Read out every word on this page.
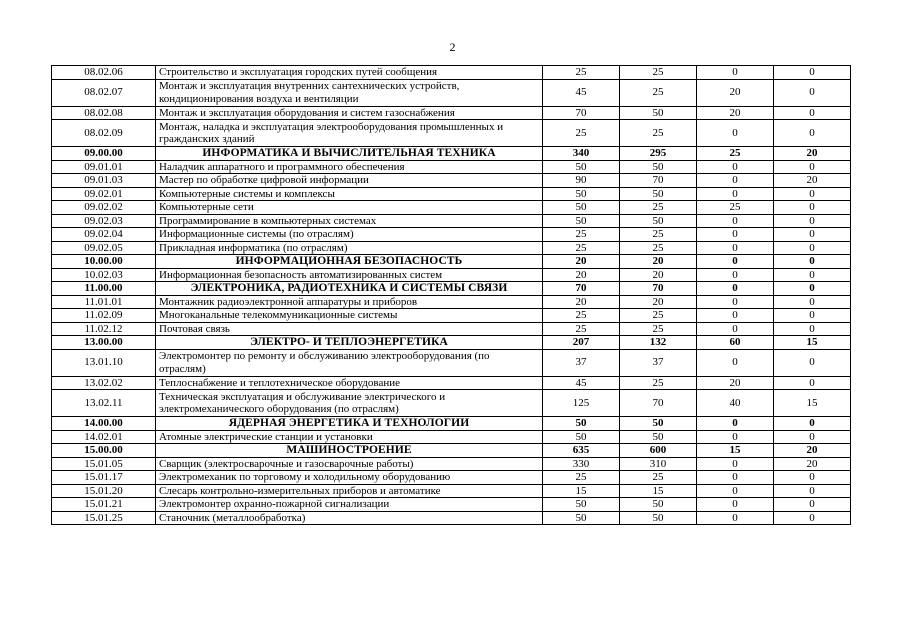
2
08.02.06	Строительство и эксплуатация городских путей сообщения	25	25	0	0
08.02.07	Монтаж и эксплуатация внутренних сантехнических устройств, кондиционирования воздуха и вентиляции	45	25	20	0
08.02.08	Монтаж и эксплуатация оборудования и систем газоснабжения	70	50	20	0
08.02.09	Монтаж, наладка и эксплуатация электрооборудования промышленных и гражданских зданий	25	25	0	0
09.00.00	ИНФОРМАТИКА И ВЫЧИСЛИТЕЛЬНАЯ ТЕХНИКА	340	295	25	20
09.01.01	Наладчик аппаратного и программного обеспечения	50	50	0	0
09.01.03	Мастер по обработке цифровой информации	90	70	0	20
09.02.01	Компьютерные системы и комплексы	50	50	0	0
09.02.02	Компьютерные сети	50	25	25	0
09.02.03	Программирование в компьютерных системах	50	50	0	0
09.02.04	Информационные системы (по отраслям)	25	25	0	0
09.02.05	Прикладная информатика (по отраслям)	25	25	0	0
10.00.00	ИНФОРМАЦИОННАЯ БЕЗОПАСНОСТЬ	20	20	0	0
10.02.03	Информационная безопасность автоматизированных систем	20	20	0	0
11.00.00	ЭЛЕКТРОНИКА, РАДИОТЕХНИКА И СИСТЕМЫ СВЯЗИ	70	70	0	0
11.01.01	Монтажник радиоэлектронной аппаратуры и приборов	20	20	0	0
11.02.09	Многоканальные телекоммуникационные системы	25	25	0	0
11.02.12	Почтовая связь	25	25	0	0
13.00.00	ЭЛЕКТРО- И ТЕПЛОЭНЕРГЕТИКА	207	132	60	15
13.01.10	Электромонтер по ремонту и обслуживанию электрооборудования (по отраслям)	37	37	0	0
13.02.02	Теплоснабжение и теплотехническое оборудование	45	25	20	0
13.02.11	Техническая эксплуатация и обслуживание электрического и электромеханического оборудования (по отраслям)	125	70	40	15
14.00.00	ЯДЕРНАЯ ЭНЕРГЕТИКА И ТЕХНОЛОГИИ	50	50	0	0
14.02.01	Атомные электрические станции и установки	50	50	0	0
15.00.00	МАШИНОСТРОЕНИЕ	635	600	15	20
15.01.05	Сварщик (электросварочные и газосварочные работы)	330	310	0	20
15.01.17	Электромеханик по торговому и холодильному оборудованию	25	25	0	0
15.01.20	Слесарь контрольно-измерительных приборов и автоматике	15	15	0	0
15.01.21	Электромонтер охранно-пожарной сигнализации	50	50	0	0
15.01.25	Станочник (металлообработка)	50	50	0	0
